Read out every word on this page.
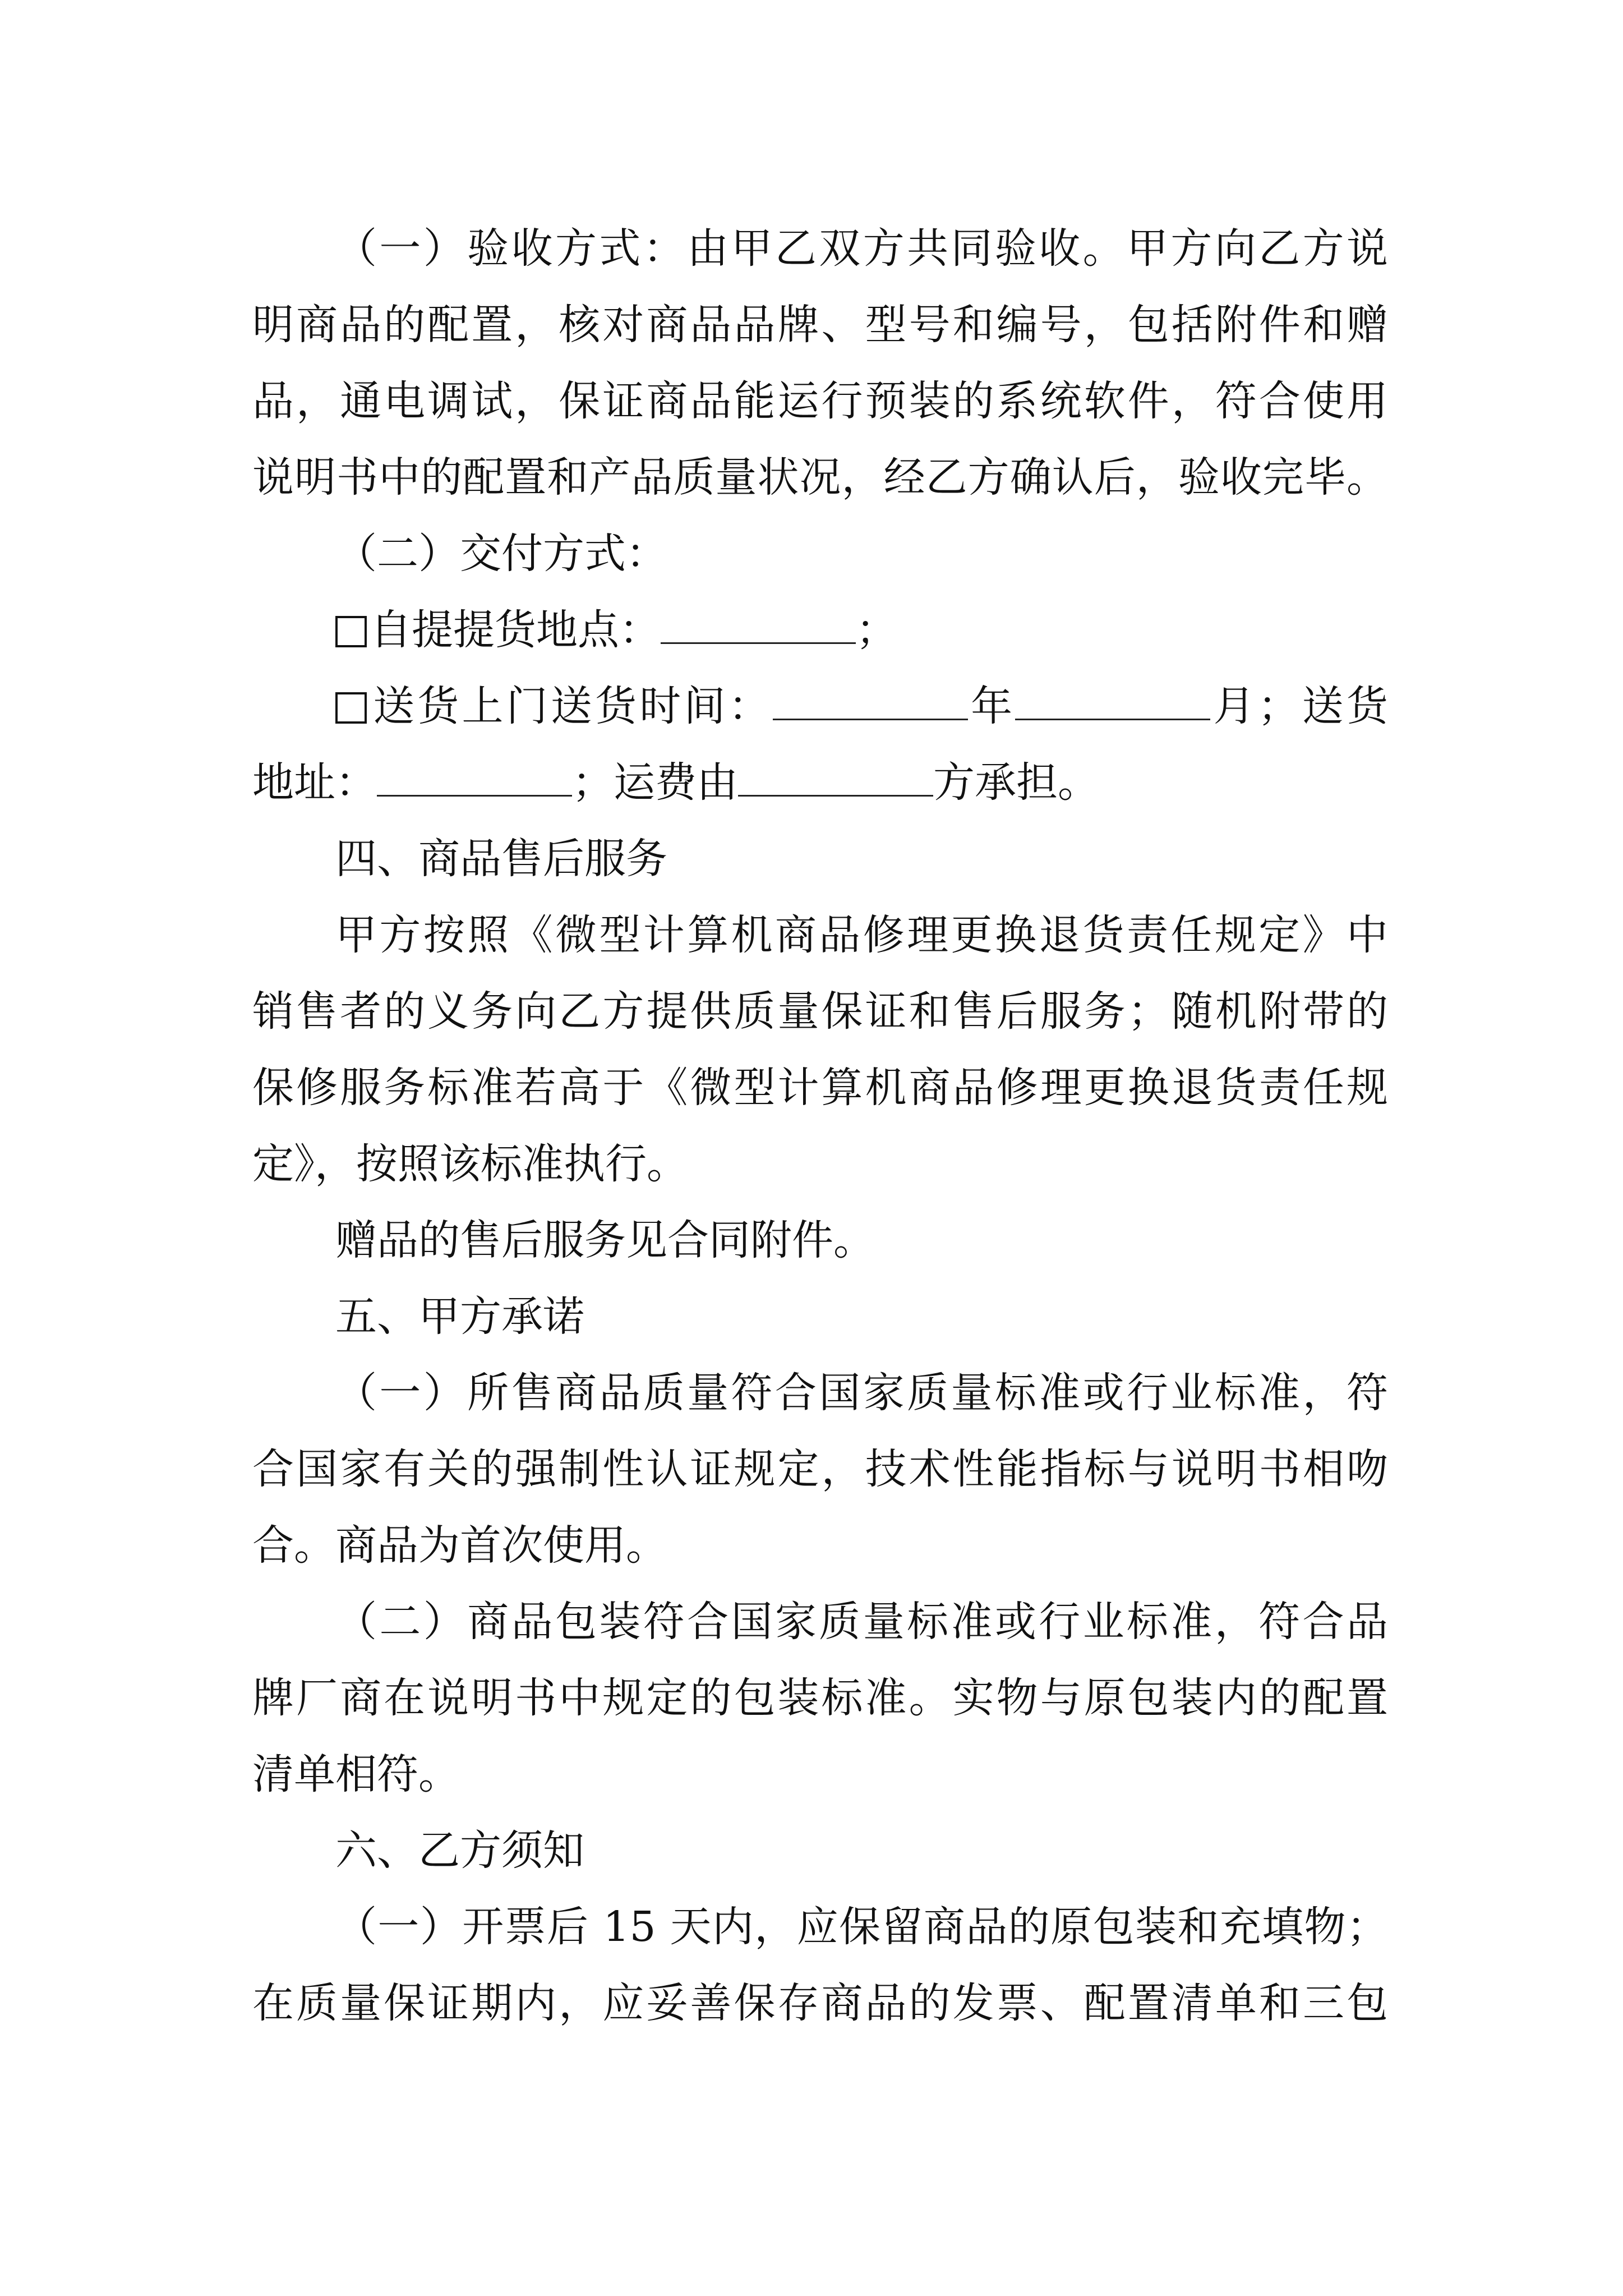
（一）验收方式：由甲乙双方共同验收。甲方向乙方说
明商品的配置，核对商品品牌、型号和编号，包括附件和赠
品，通电调试，保证商品能运行预装的系统软件，符合使用
说明书中的配置和产品质量状况，经乙方确认后，验收完毕。
（二）交付方式：
自提提货地点：	；
送货上门送货时间：	年	月；送货
地址：	；运费由	方承担。
四、商品售后服务
甲方按照《微型计算机商品修理更换退货责任规定》中
销售者的义务向乙方提供质量保证和售后服务；随机附带的
保修服务标准若高于《微型计算机商品修理更换退货责任规
定》，按照该标准执行。
赠品的售后服务见合同附件。
五、甲方承诺
（一）所售商品质量符合国家质量标准或行业标准，符
合国家有关的强制性认证规定，技术性能指标与说明书相吻
合。商品为首次使用。
（二）商品包装符合国家质量标准或行业标准，符合品
牌厂商在说明书中规定的包装标准。实物与原包装内的配置
清单相符。
六、乙方须知
（一）开票后 15 天内，应保留商品的原包装和充填物；
在质量保证期内，应妥善保存商品的发票、配置清单和三包
